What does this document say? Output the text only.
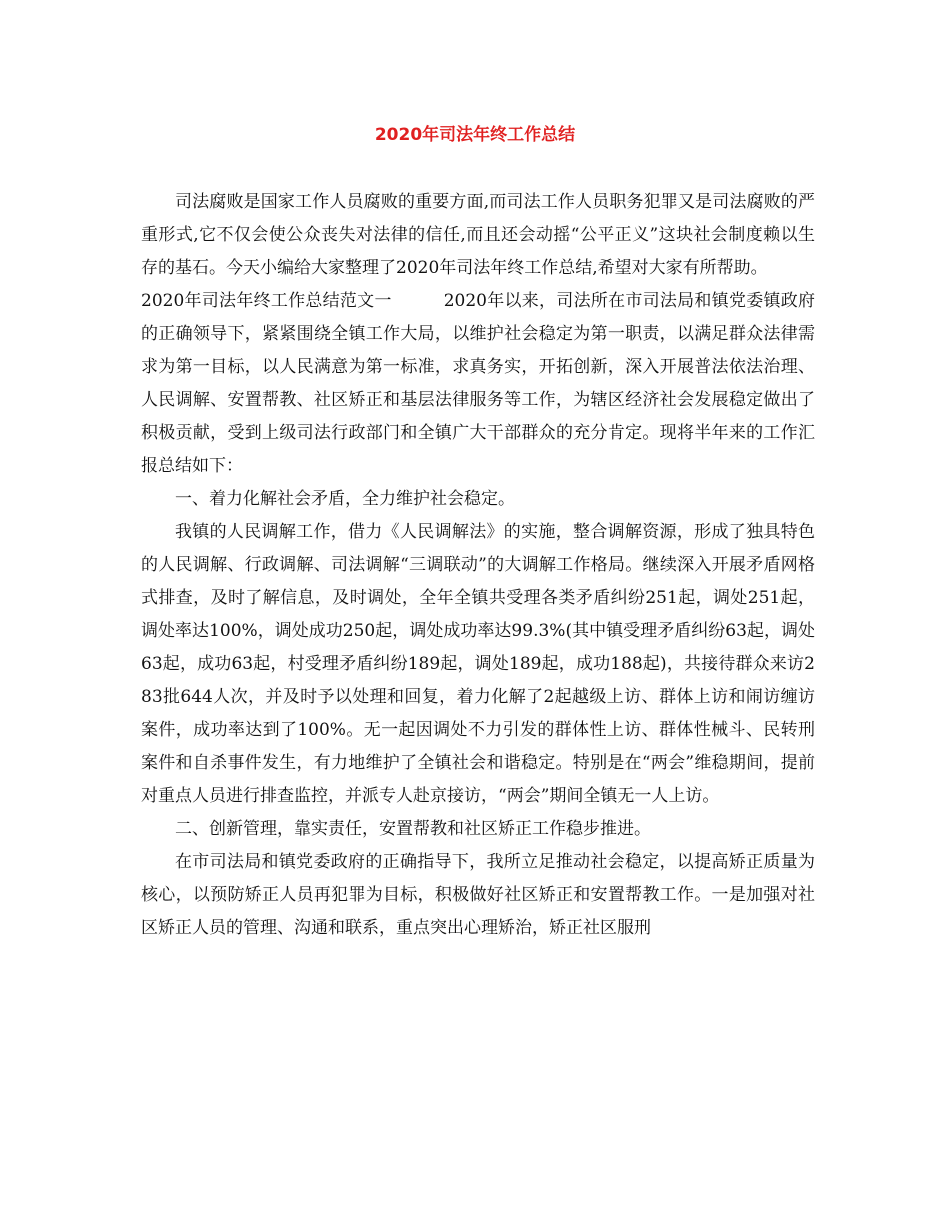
2020年司法年终工作总结

司法腐败是国家工作人员腐败的重要方面,而司法工作人员职务犯罪又是司法腐败的严重形式,它不仅会使公众丧失对法律的信任,而且还会动摇“公平正义”这块社会制度赖以生存的基石。今天小编给大家整理了2020年司法年终工作总结,希望对大家有所帮助。

2020年司法年终工作总结范文一	2020年以来，司法所在市司法局和镇党委镇政府的正确领导下，紧紧围绕全镇工作大局，以维护社会稳定为第一职责，以满足群众法律需求为第一目标，以人民满意为第一标准，求真务实，开拓创新，深入开展普法依法治理、人民调解、安置帮教、社区矫正和基层法律服务等工作，为辖区经济社会发展稳定做出了积极贡献，受到上级司法行政部门和全镇广大干部群众的充分肯定。现将半年来的工作汇报总结如下：

一、着力化解社会矛盾，全力维护社会稳定。

我镇的人民调解工作，借力《人民调解法》的实施，整合调解资源，形成了独具特色的人民调解、行政调解、司法调解“三调联动”的大调解工作格局。继续深入开展矛盾网格式排查，及时了解信息，及时调处，全年全镇共受理各类矛盾纠纷251起，调处251起，调处率达100%，调处成功250起，调处成功率达99.3%(其中镇受理矛盾纠纷63起，调处63起，成功63起，村受理矛盾纠纷189起，调处189起，成功188起)，共接待群众来访283批644人次，并及时予以处理和回复，着力化解了2起越级上访、群体上访和闹访缠访案件，成功率达到了100%。无一起因调处不力引发的群体性上访、群体性械斗、民转刑案件和自杀事件发生，有力地维护了全镇社会和谐稳定。特别是在“两会”维稳期间，提前对重点人员进行排查监控，并派专人赴京接访，“两会”期间全镇无一人上访。

二、创新管理，靠实责任，安置帮教和社区矫正工作稳步推进。

在市司法局和镇党委政府的正确指导下，我所立足推动社会稳定，以提高矫正质量为核心，以预防矫正人员再犯罪为目标，积极做好社区矫正和安置帮教工作。一是加强对社区矫正人员的管理、沟通和联系，重点突出心理矫治，矫正社区服刑
